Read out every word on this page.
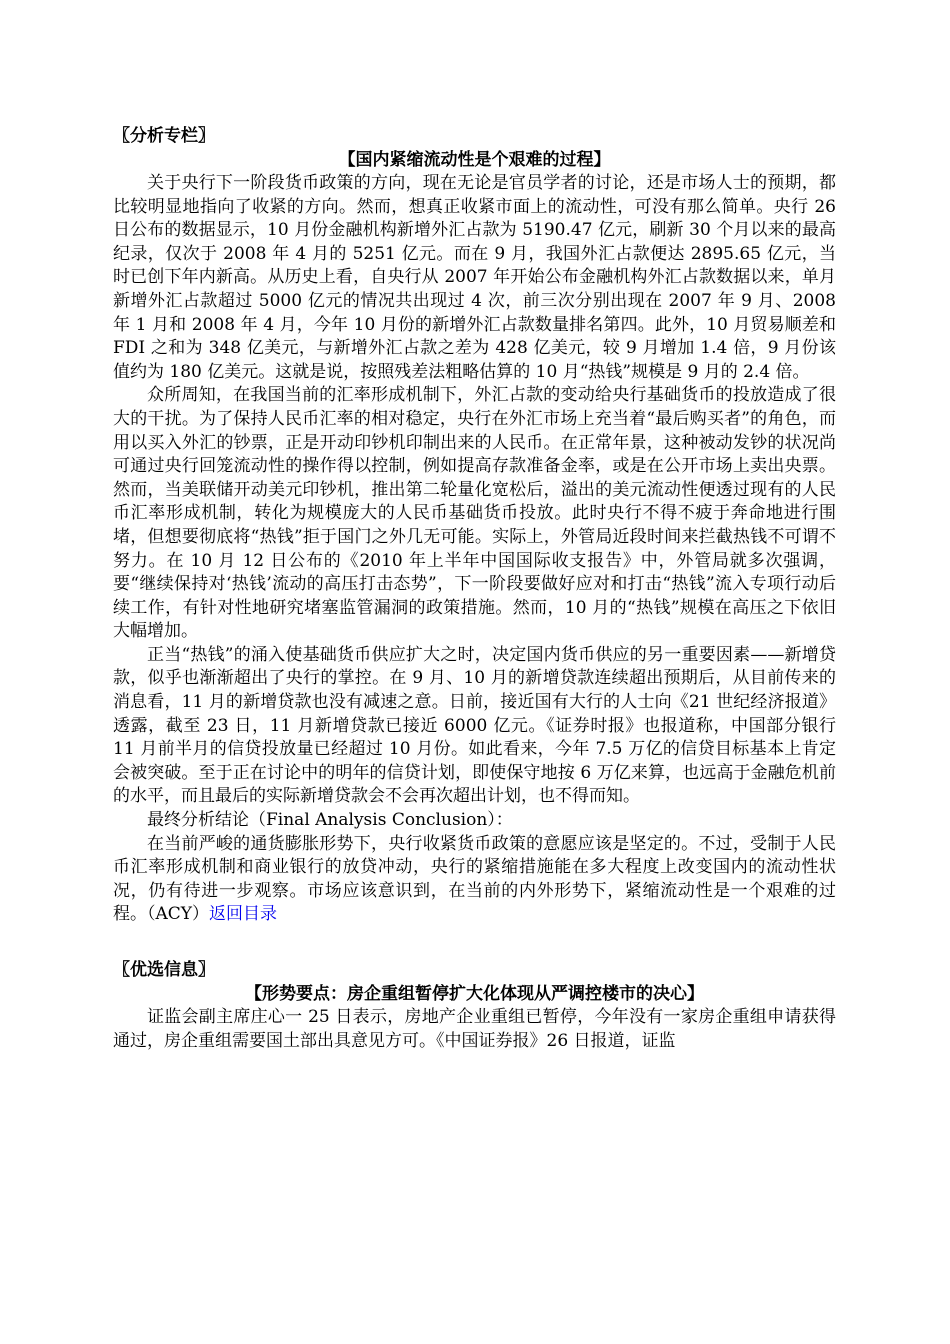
〖分析专栏〗

【国内紧缩流动性是个艰难的过程】

关于央行下一阶段货币政策的方向，现在无论是官员学者的讨论，还是市场人士的预期，都比较明显地指向了收紧的方向。然而，想真正收紧市面上的流动性，可没有那么简单。央行 26 日公布的数据显示，10 月份金融机构新增外汇占款为 5190.47 亿元，刷新 30 个月以来的最高纪录，仅次于 2008 年 4 月的 5251 亿元。而在 9 月，我国外汇占款便达 2895.65 亿元，当时已创下年内新高。从历史上看，自央行从 2007 年开始公布金融机构外汇占款数据以来，单月新增外汇占款超过 5000 亿元的情况共出现过 4 次，前三次分别出现在 2007 年 9 月、2008 年 1 月和 2008 年 4 月，今年 10 月份的新增外汇占款数量排名第四。此外，10 月贸易顺差和 FDI 之和为 348 亿美元，与新增外汇占款之差为 428 亿美元，较 9 月增加 1.4 倍，9 月份该值约为 180 亿美元。这就是说，按照残差法粗略估算的 10 月“热钱”规模是 9 月的 2.4 倍。

众所周知，在我国当前的汇率形成机制下，外汇占款的变动给央行基础货币的投放造成了很大的干扰。为了保持人民币汇率的相对稳定，央行在外汇市场上充当着“最后购买者”的角色，而用以买入外汇的钞票，正是开动印钞机印制出来的人民币。在正常年景，这种被动发钞的状况尚可通过央行回笼流动性的操作得以控制，例如提高存款准备金率，或是在公开市场上卖出央票。然而，当美联储开动美元印钞机，推出第二轮量化宽松后，溢出的美元流动性便透过现有的人民币汇率形成机制，转化为规模庞大的人民币基础货币投放。此时央行不得不疲于奔命地进行围堵，但想要彻底将“热钱”拒于国门之外几无可能。实际上，外管局近段时间来拦截热钱不可谓不努力。在 10 月 12 日公布的《2010 年上半年中国国际收支报告》中，外管局就多次强调，要“继续保持对‘热钱’流动的高压打击态势”，下一阶段要做好应对和打击“热钱”流入专项行动后续工作，有针对性地研究堵塞监管漏洞的政策措施。然而，10 月的“热钱”规模在高压之下依旧大幅增加。

正当“热钱”的涌入使基础货币供应扩大之时，决定国内货币供应的另一重要因素——新增贷款，似乎也渐渐超出了央行的掌控。在 9 月、10 月的新增贷款连续超出预期后，从目前传来的消息看，11 月的新增贷款也没有减速之意。日前，接近国有大行的人士向《21 世纪经济报道》透露，截至 23 日，11 月新增贷款已接近 6000 亿元。《证券时报》也报道称，中国部分银行 11 月前半月的信贷投放量已经超过 10 月份。如此看来，今年 7.5 万亿的信贷目标基本上肯定会被突破。至于正在讨论中的明年的信贷计划，即使保守地按 6 万亿来算，也远高于金融危机前的水平，而且最后的实际新增贷款会不会再次超出计划，也不得而知。

最终分析结论（Final Analysis Conclusion）：

在当前严峻的通货膨胀形势下，央行收紧货币政策的意愿应该是坚定的。不过，受制于人民币汇率形成机制和商业银行的放贷冲动，央行的紧缩措施能在多大程度上改变国内的流动性状况，仍有待进一步观察。市场应该意识到，在当前的内外形势下，紧缩流动性是一个艰难的过程。（ACY）返回目录

〖优选信息〗

【形势要点：房企重组暂停扩大化体现从严调控楼市的决心】

证监会副主席庄心一 25 日表示，房地产企业重组已暂停，今年没有一家房企重组申请获得通过，房企重组需要国土部出具意见方可。《中国证券报》26 日报道，证监
